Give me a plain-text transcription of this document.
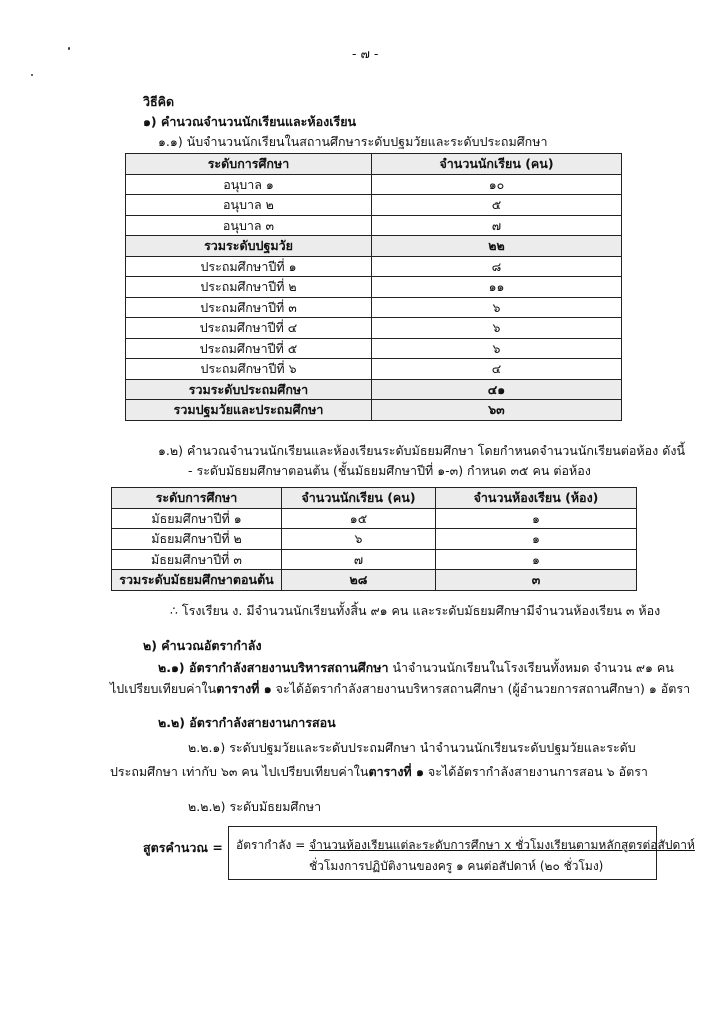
- ๗ -
วิธีคิด
๑) คำนวณจำนวนนักเรียนและห้องเรียน
๑.๑) นับจำนวนนักเรียนในสถานศึกษาระดับปฐมวัยและระดับประถมศึกษา
ระดับการศึกษา	จำนวนนักเรียน (คน)
อนุบาล ๑	๑๐
อนุบาล ๒	๕
อนุบาล ๓	๗
รวมระดับปฐมวัย	๒๒
ประถมศึกษาปีที่ ๑	๘
ประถมศึกษาปีที่ ๒	๑๑
ประถมศึกษาปีที่ ๓	๖
ประถมศึกษาปีที่ ๔	๖
ประถมศึกษาปีที่ ๕	๖
ประถมศึกษาปีที่ ๖	๔
รวมระดับประถมศึกษา	๔๑
รวมปฐมวัยและประถมศึกษา	๖๓
๑.๒) คำนวณจำนวนนักเรียนและห้องเรียนระดับมัธยมศึกษา โดยกำหนดจำนวนนักเรียนต่อห้อง ดังนี้
- ระดับมัธยมศึกษาตอนต้น (ชั้นมัธยมศึกษาปีที่ ๑-๓) กำหนด ๓๕ คน ต่อห้อง
ระดับการศึกษา	จำนวนนักเรียน (คน)	จำนวนห้องเรียน (ห้อง)
มัธยมศึกษาปีที่ ๑	๑๕	๑
มัธยมศึกษาปีที่ ๒	๖	๑
มัธยมศึกษาปีที่ ๓	๗	๑
รวมระดับมัธยมศึกษาตอนต้น	๒๘	๓
∴ โรงเรียน ง. มีจำนวนนักเรียนทั้งสิ้น ๙๑ คน และระดับมัธยมศึกษามีจำนวนห้องเรียน ๓ ห้อง
๒) คำนวณอัตรากำลัง
๒.๑) อัตรากำลังสายงานบริหารสถานศึกษา นำจำนวนนักเรียนในโรงเรียนทั้งหมด จำนวน ๙๑ คน
ไปเปรียบเทียบค่าในตารางที่ ๑ จะได้อัตรากำลังสายงานบริหารสถานศึกษา (ผู้อำนวยการสถานศึกษา) ๑ อัตรา
๒.๒) อัตรากำลังสายงานการสอน
๒.๒.๑) ระดับปฐมวัยและระดับประถมศึกษา นำจำนวนนักเรียนระดับปฐมวัยและระดับ
ประถมศึกษา เท่ากับ ๖๓ คน ไปเปรียบเทียบค่าในตารางที่ ๑ จะได้อัตรากำลังสายงานการสอน ๖ อัตรา
๒.๒.๒) ระดับมัธยมศึกษา
สูตรคำนวณ = อัตรากำลัง = จำนวนห้องเรียนแต่ละระดับการศึกษา x ชั่วโมงเรียนตามหลักสูตรต่อสัปดาห์
ชั่วโมงการปฏิบัติงานของครู ๑ คนต่อสัปดาห์ (๒๐ ชั่วโมง)
